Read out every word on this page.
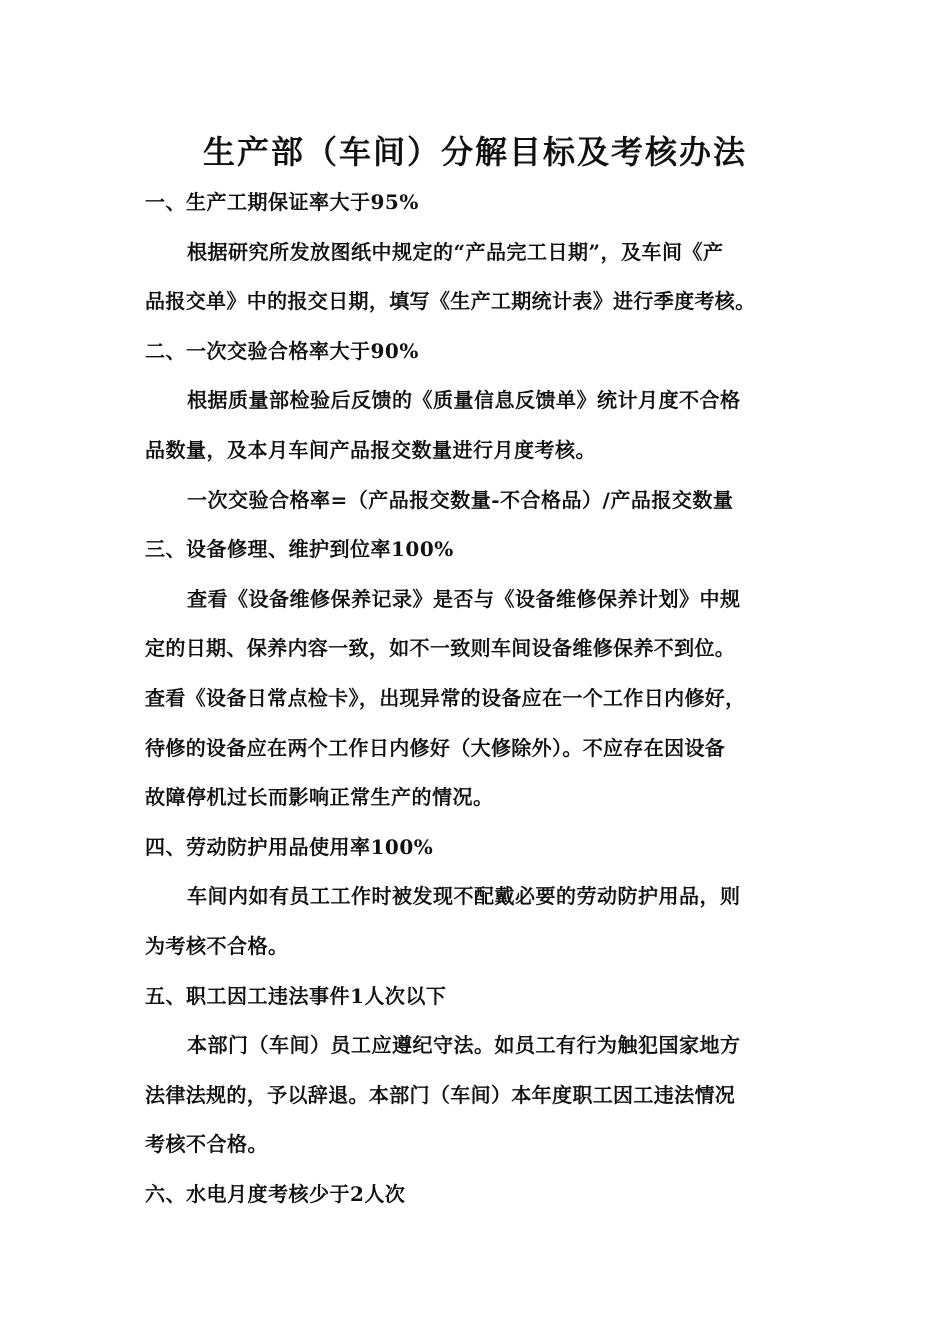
生产部（车间）分解目标及考核办法
一、生产工期保证率大于95%
根据研究所发放图纸中规定的“产品完工日期”，及车间《产
品报交单》中的报交日期，填写《生产工期统计表》进行季度考核。
二、一次交验合格率大于90%
根据质量部检验后反馈的《质量信息反馈单》统计月度不合格
品数量，及本月车间产品报交数量进行月度考核。
一次交验合格率=（产品报交数量-不合格品）/产品报交数量
三、设备修理、维护到位率100%
查看《设备维修保养记录》是否与《设备维修保养计划》中规
定的日期、保养内容一致，如不一致则车间设备维修保养不到位。
查看《设备日常点检卡》，出现异常的设备应在一个工作日内修好，
待修的设备应在两个工作日内修好（大修除外）。不应存在因设备
故障停机过长而影响正常生产的情况。
四、劳动防护用品使用率100%
车间内如有员工工作时被发现不配戴必要的劳动防护用品，则
为考核不合格。
五、职工因工违法事件1人次以下
本部门（车间）员工应遵纪守法。如员工有行为触犯国家地方
法律法规的，予以辞退。本部门（车间）本年度职工因工违法情况
考核不合格。
六、水电月度考核少于2人次
